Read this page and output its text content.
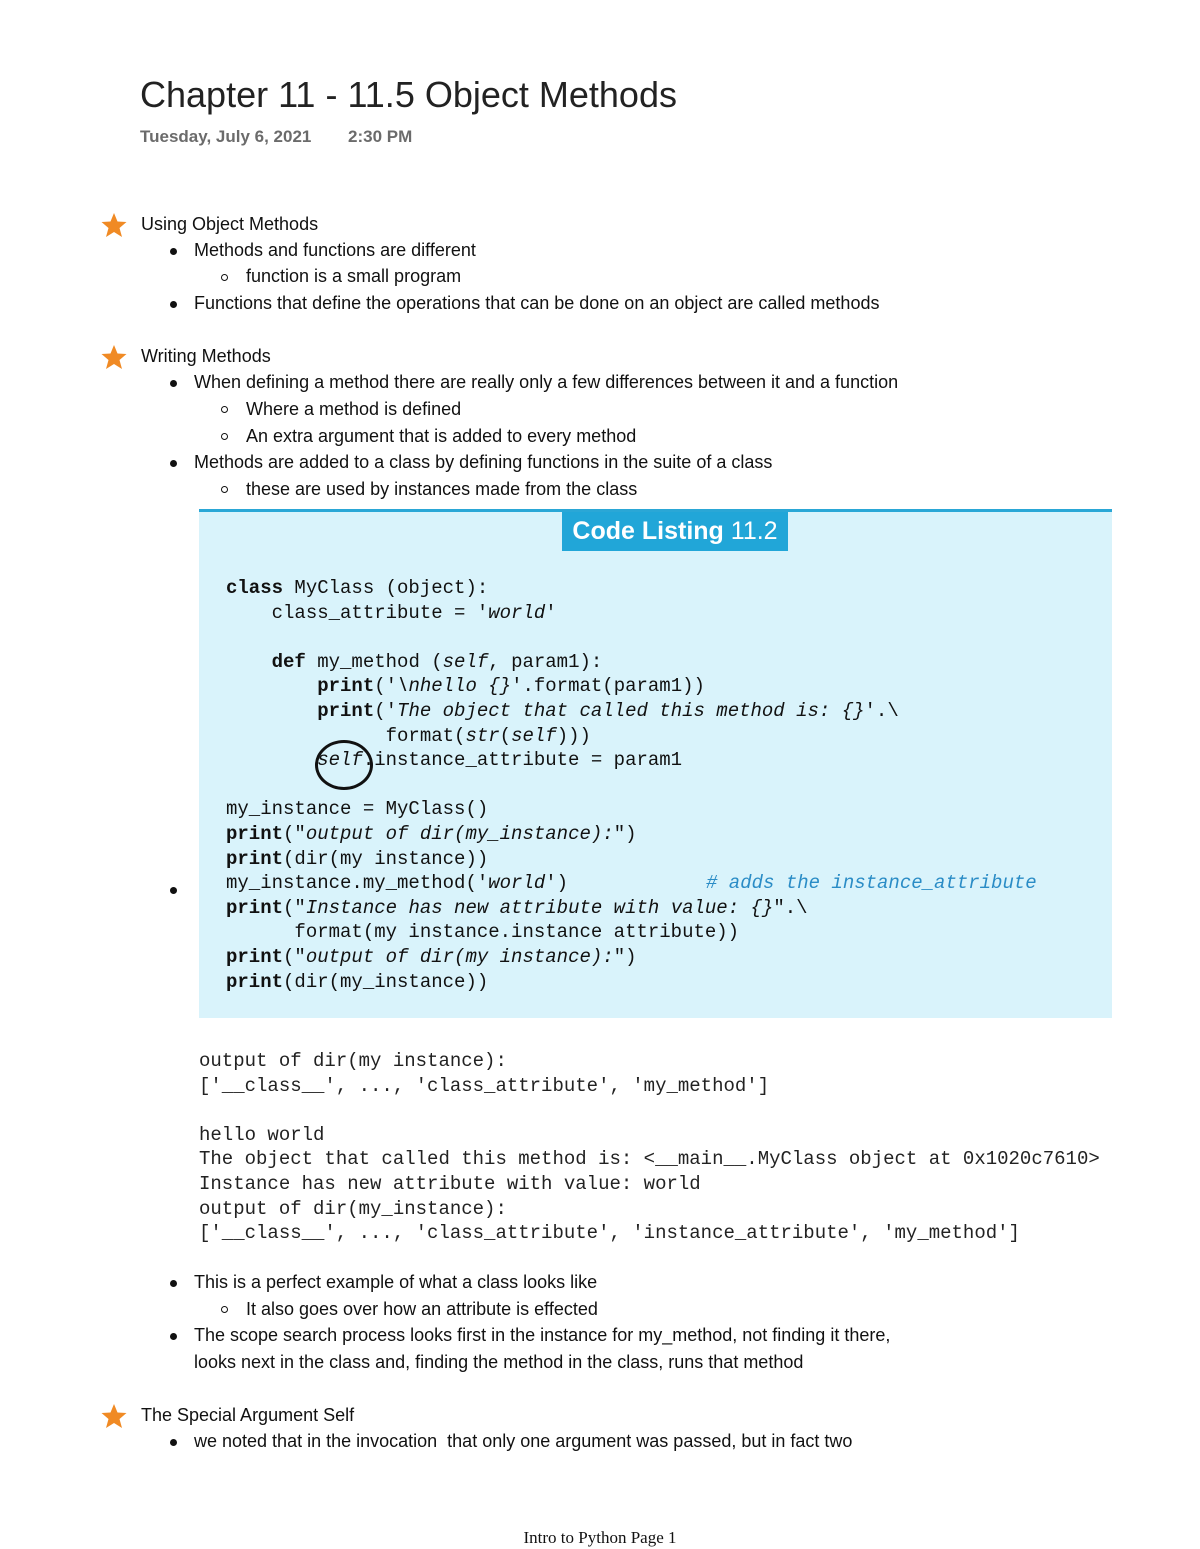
Chapter 11 - 11.5 Object Methods
Tuesday, July 6, 2021 2:30 PM
Using Object Methods
Methods and functions are different
function is a small program
Functions that define the operations that can be done on an object are called methods
Writing Methods
When defining a method there are really only a few differences between it and a function
Where a method is defined
An extra argument that is added to every method
Methods are added to a class by defining functions in the suite of a class
these are used by instances made from the class
Code Listing 11.2
class MyClass (object):
class_attribute = 'world'

def my_method (self, param1):
print('\nhello {}'.format(param1))
print('The object that called this method is: {}'.\
format(str(self)))
self.instance_attribute = param1

my_instance = MyClass()
print("output of dir(my_instance):")
print(dir(my instance))
my_instance.my_method('world')
print("Instance has new attribute with value: {}".\
format(my instance.instance attribute))
print("output of dir(my instance):")
print(dir(my_instance))
# adds the instance_attribute
output of dir(my instance):
['__class__', ..., 'class_attribute', 'my_method']

hello world
The object that called this method is: <__main__.MyClass object at 0x1020c7610>
Instance has new attribute with value: world
output of dir(my_instance):
['__class__', ..., 'class_attribute', 'instance_attribute', 'my_method']
This is a perfect example of what a class looks like
It also goes over how an attribute is effected
The scope search process looks first in the instance for my_method, not finding it there,
looks next in the class and, finding the method in the class, runs that method
The Special Argument Self
we noted that in the invocation  that only one argument was passed, but in fact two
Intro to Python Page 1
